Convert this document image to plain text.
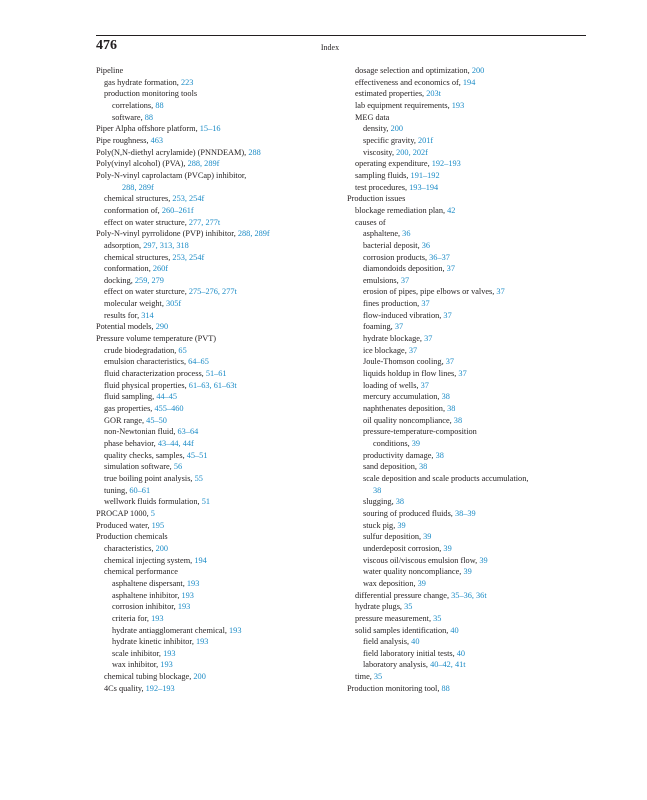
476	Index
Pipeline
gas hydrate formation, 223
production monitoring tools
correlations, 88
software, 88
Piper Alpha offshore platform, 15–16
Pipe roughness, 463
Poly(N,N-diethyl acrylamide) (PNNDEAM), 288
Poly(vinyl alcohol) (PVA), 288, 289f
Poly-N-vinyl caprolactam (PVCap) inhibitor,
288, 289f
chemical structures, 253, 254f
conformation of, 260–261f
effect on water structure, 277, 277t
Poly-N-vinyl pyrrolidone (PVP) inhibitor, 288, 289f
adsorption, 297, 313, 318
chemical structures, 253, 254f
conformation, 260f
docking, 259, 279
effect on water sturcture, 275–276, 277t
molecular weight, 305f
results for, 314
Potential models, 290
Pressure volume temperature (PVT)
crude biodegradation, 65
emulsion characteristics, 64–65
fluid characterization process, 51–61
fluid physical properties, 61–63, 61–63t
fluid sampling, 44–45
gas properties, 455–460
GOR range, 45–50
non-Newtonian fluid, 63–64
phase behavior, 43–44, 44f
quality checks, samples, 45–51
simulation software, 56
true boiling point analysis, 55
tuning, 60–61
wellwork fluids formulation, 51
PROCAP 1000, 5
Produced water, 195
Production chemicals
characteristics, 200
chemical injecting system, 194
chemical performance
asphaltene dispersant, 193
asphaltene inhibitor, 193
corrosion inhibitor, 193
criteria for, 193
hydrate antiagglomerant chemical, 193
hydrate kinetic inhibitor, 193
scale inhibitor, 193
wax inhibitor, 193
chemical tubing blockage, 200
4Cs quality, 192–193
dosage selection and optimization, 200
effectiveness and economics of, 194
estimated properties, 203t
lab equipment requirements, 193
MEG data
density, 200
specific gravity, 201f
viscosity, 200, 202f
operating expenditure, 192–193
sampling fluids, 191–192
test procedures, 193–194
Production issues
blockage remediation plan, 42
causes of
asphaltene, 36
bacterial deposit, 36
corrosion products, 36–37
diamondoids deposition, 37
emulsions, 37
erosion of pipes, pipe elbows or valves, 37
fines production, 37
flow-induced vibration, 37
foaming, 37
hydrate blockage, 37
ice blockage, 37
Joule-Thomson cooling, 37
liquids holdup in flow lines, 37
loading of wells, 37
mercury accumulation, 38
naphthenates deposition, 38
oil quality noncompliance, 38
pressure-temperature-composition
conditions, 39
productivity damage, 38
sand deposition, 38
scale deposition and scale products accumulation,
38
slugging, 38
souring of produced fluids, 38–39
stuck pig, 39
sulfur deposition, 39
underdeposit corrosion, 39
viscous oil/viscous emulsion flow, 39
water quality noncompliance, 39
wax deposition, 39
differential pressure change, 35–36, 36t
hydrate plugs, 35
pressure measurement, 35
solid samples identification, 40
field analysis, 40
field laboratory initial tests, 40
laboratory analysis, 40–42, 41t
time, 35
Production monitoring tool, 88
